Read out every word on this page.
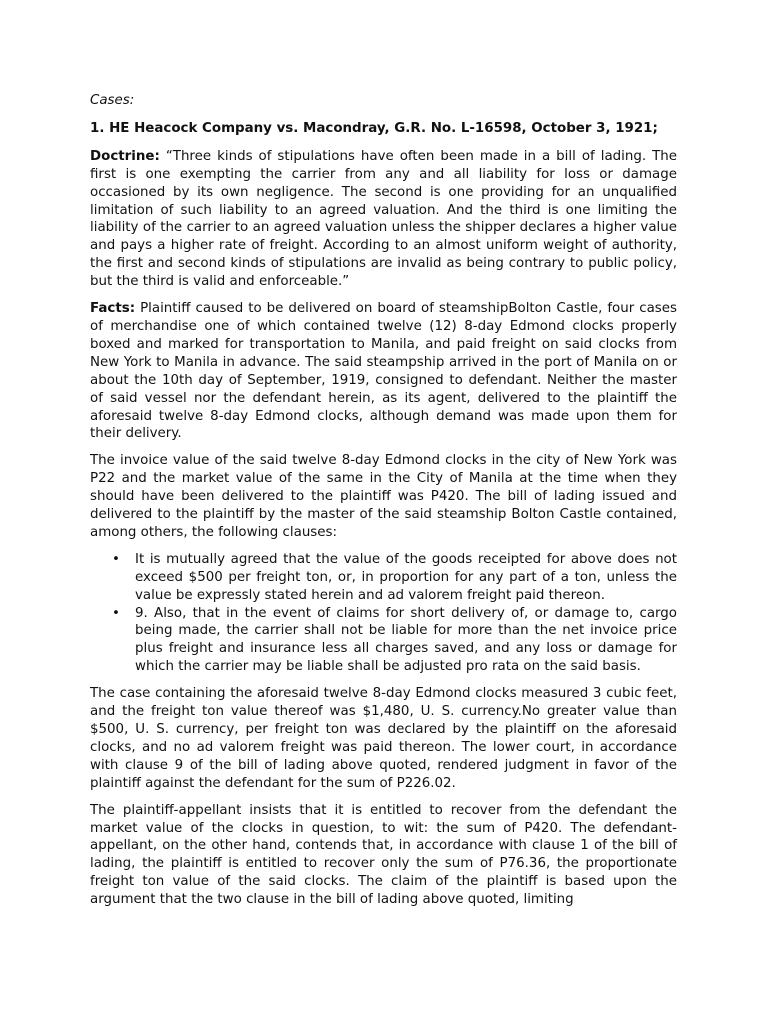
Cases:

1. HE Heacock Company vs. Macondray, G.R. No. L-16598, October 3, 1921;

Doctrine: “Three kinds of stipulations have often been made in a bill of lading. The first is one exempting the carrier from any and all liability for loss or damage occasioned by its own negligence. The second is one providing for an unqualified limitation of such liability to an agreed valuation. And the third is one limiting the liability of the carrier to an agreed valuation unless the shipper declares a higher value and pays a higher rate of freight. According to an almost uniform weight of authority, the first and second kinds of stipulations are invalid as being contrary to public policy, but the third is valid and enforceable.”

Facts: Plaintiff caused to be delivered on board of steamshipBolton Castle, four cases of merchandise one of which contained twelve (12) 8-day Edmond clocks properly boxed and marked for transportation to Manila, and paid freight on said clocks from New York to Manila in advance. The said steampship arrived in the port of Manila on or about the 10th day of September, 1919, consigned to defendant. Neither the master of said vessel nor the defendant herein, as its agent, delivered to the plaintiff the aforesaid twelve 8-day Edmond clocks, although demand was made upon them for their delivery.

The invoice value of the said twelve 8-day Edmond clocks in the city of New York was P22 and the market value of the same in the City of Manila at the time when they should have been delivered to the plaintiff was P420. The bill of lading issued and delivered to the plaintiff by the master of the said steamship Bolton Castle contained, among others, the following clauses:

• It is mutually agreed that the value of the goods receipted for above does not exceed $500 per freight ton, or, in proportion for any part of a ton, unless the value be expressly stated herein and ad valorem freight paid thereon.
• 9. Also, that in the event of claims for short delivery of, or damage to, cargo being made, the carrier shall not be liable for more than the net invoice price plus freight and insurance less all charges saved, and any loss or damage for which the carrier may be liable shall be adjusted pro rata on the said basis.

The case containing the aforesaid twelve 8-day Edmond clocks measured 3 cubic feet, and the freight ton value thereof was $1,480, U. S. currency.No greater value than $500, U. S. currency, per freight ton was declared by the plaintiff on the aforesaid clocks, and no ad valorem freight was paid thereon. The lower court, in accordance with clause 9 of the bill of lading above quoted, rendered judgment in favor of the plaintiff against the defendant for the sum of P226.02.

The plaintiff-appellant insists that it is entitled to recover from the defendant the market value of the clocks in question, to wit: the sum of P420. The defendant-appellant, on the other hand, contends that, in accordance with clause 1 of the bill of lading, the plaintiff is entitled to recover only the sum of P76.36, the proportionate freight ton value of the said clocks. The claim of the plaintiff is based upon the argument that the two clause in the bill of lading above quoted, limiting
